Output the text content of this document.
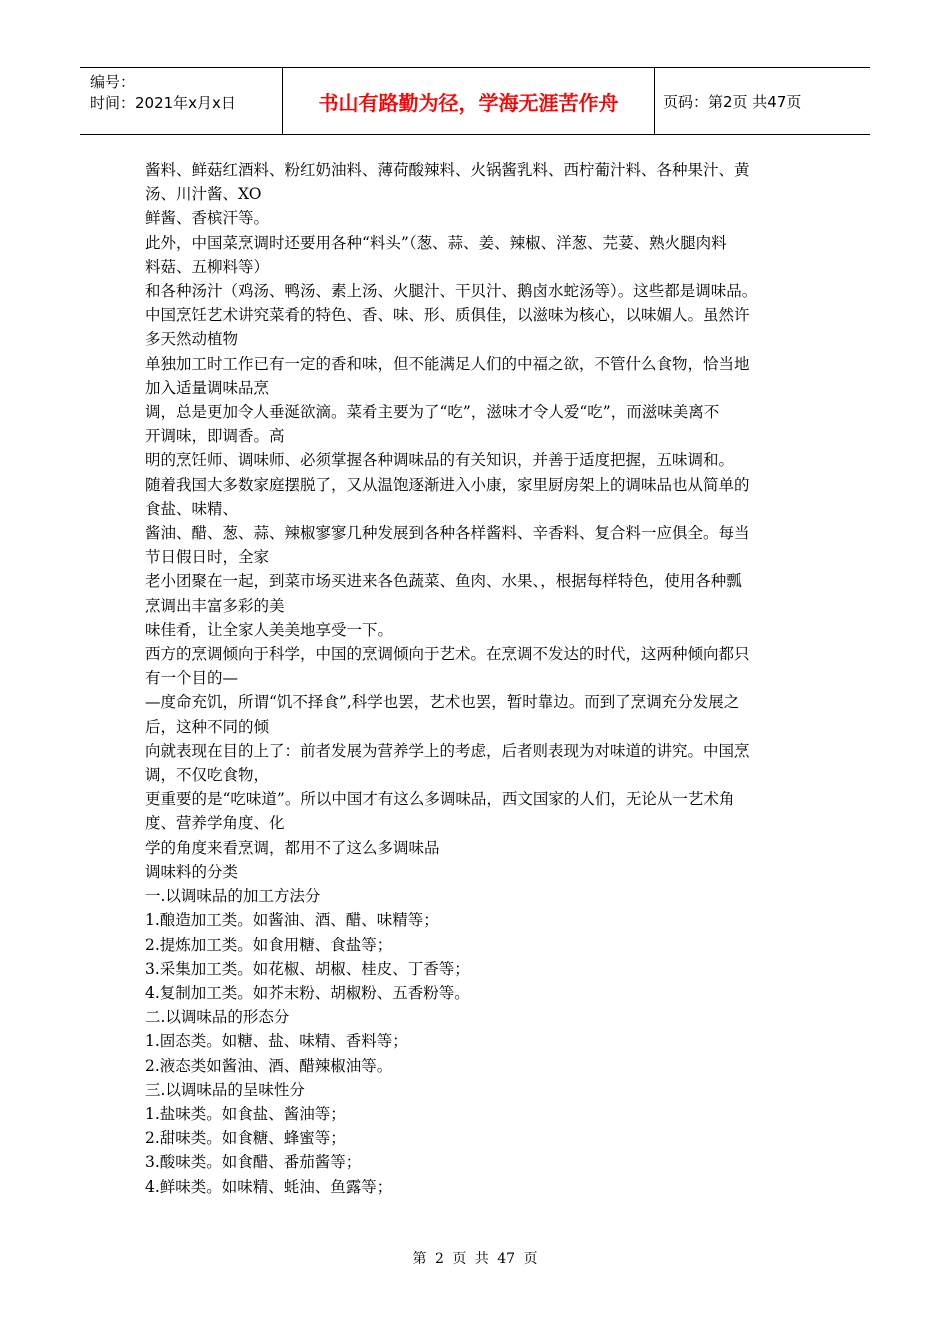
编号：
时间：2021年x月x日	书山有路勤为径，学海无涯苦作舟	页码：第2页 共47页

酱料、鲜菇红酒料、粉红奶油料、薄荷酸辣料、火锅酱乳料、西柠葡汁料、各种果汁、黄

汤、川汁酱、XO

鲜酱、香槟汗等。

此外，中国菜烹调时还要用各种“料头”（葱、蒜、姜、辣椒、洋葱、芫荽、熟火腿肉料

料菇、五柳料等）

和各种汤汁（鸡汤、鸭汤、素上汤、火腿汁、干贝汁、鹅卤水蛇汤等）。这些都是调味品。

中国烹饪艺术讲究菜肴的特色、香、味、形、质俱佳，以滋味为核心，以味媚人。虽然许

多天然动植物

单独加工时工作已有一定的香和味，但不能满足人们的中福之欲，不管什么食物，恰当地

加入适量调味品烹

调，总是更加令人垂涎欲滴。菜肴主要为了“吃”，滋味才令人爱“吃”，而滋味美离不

开调味，即调香。高

明的烹饪师、调味师、必须掌握各种调味品的有关知识，并善于适度把握，五味调和。

随着我国大多数家庭摆脱了，又从温饱逐渐进入小康，家里厨房架上的调味品也从简单的

食盐、味精、

酱油、醋、葱、蒜、辣椒寥寥几种发展到各种各样酱料、辛香料、复合料一应俱全。每当

节日假日时，全家

老小团聚在一起，到菜市场买进来各色蔬菜、鱼肉、水果、，根据每样特色，使用各种瓢

烹调出丰富多彩的美

味佳肴，让全家人美美地享受一下。

西方的烹调倾向于科学，中国的烹调倾向于艺术。在烹调不发达的时代，这两种倾向都只

有一个目的—

—度命充饥，所谓“饥不择食”,科学也罢，艺术也罢，暂时靠边。而到了烹调充分发展之

后，这种不同的倾

向就表现在目的上了：前者发展为营养学上的考虑，后者则表现为对味道的讲究。中国烹

调，不仅吃食物，

更重要的是“吃味道”。所以中国才有这么多调味品，西文国家的人们，无论从一艺术角

度、营养学角度、化

学的角度来看烹调，都用不了这么多调味品

调味料的分类

一.以调味品的加工方法分

1.酿造加工类。如酱油、酒、醋、味精等；

2.提炼加工类。如食用糖、食盐等；

3.采集加工类。如花椒、胡椒、桂皮、丁香等；

4.复制加工类。如芥末粉、胡椒粉、五香粉等。

二.以调味品的形态分

1.固态类。如糖、盐、味精、香料等；

2.液态类如酱油、酒、醋辣椒油等。

三.以调味品的呈味性分

1.盐味类。如食盐、酱油等；

2.甜味类。如食糖、蜂蜜等；

3.酸味类。如食醋、番茄酱等；

4.鲜味类。如味精、蚝油、鱼露等；

第 2 页 共 47 页
